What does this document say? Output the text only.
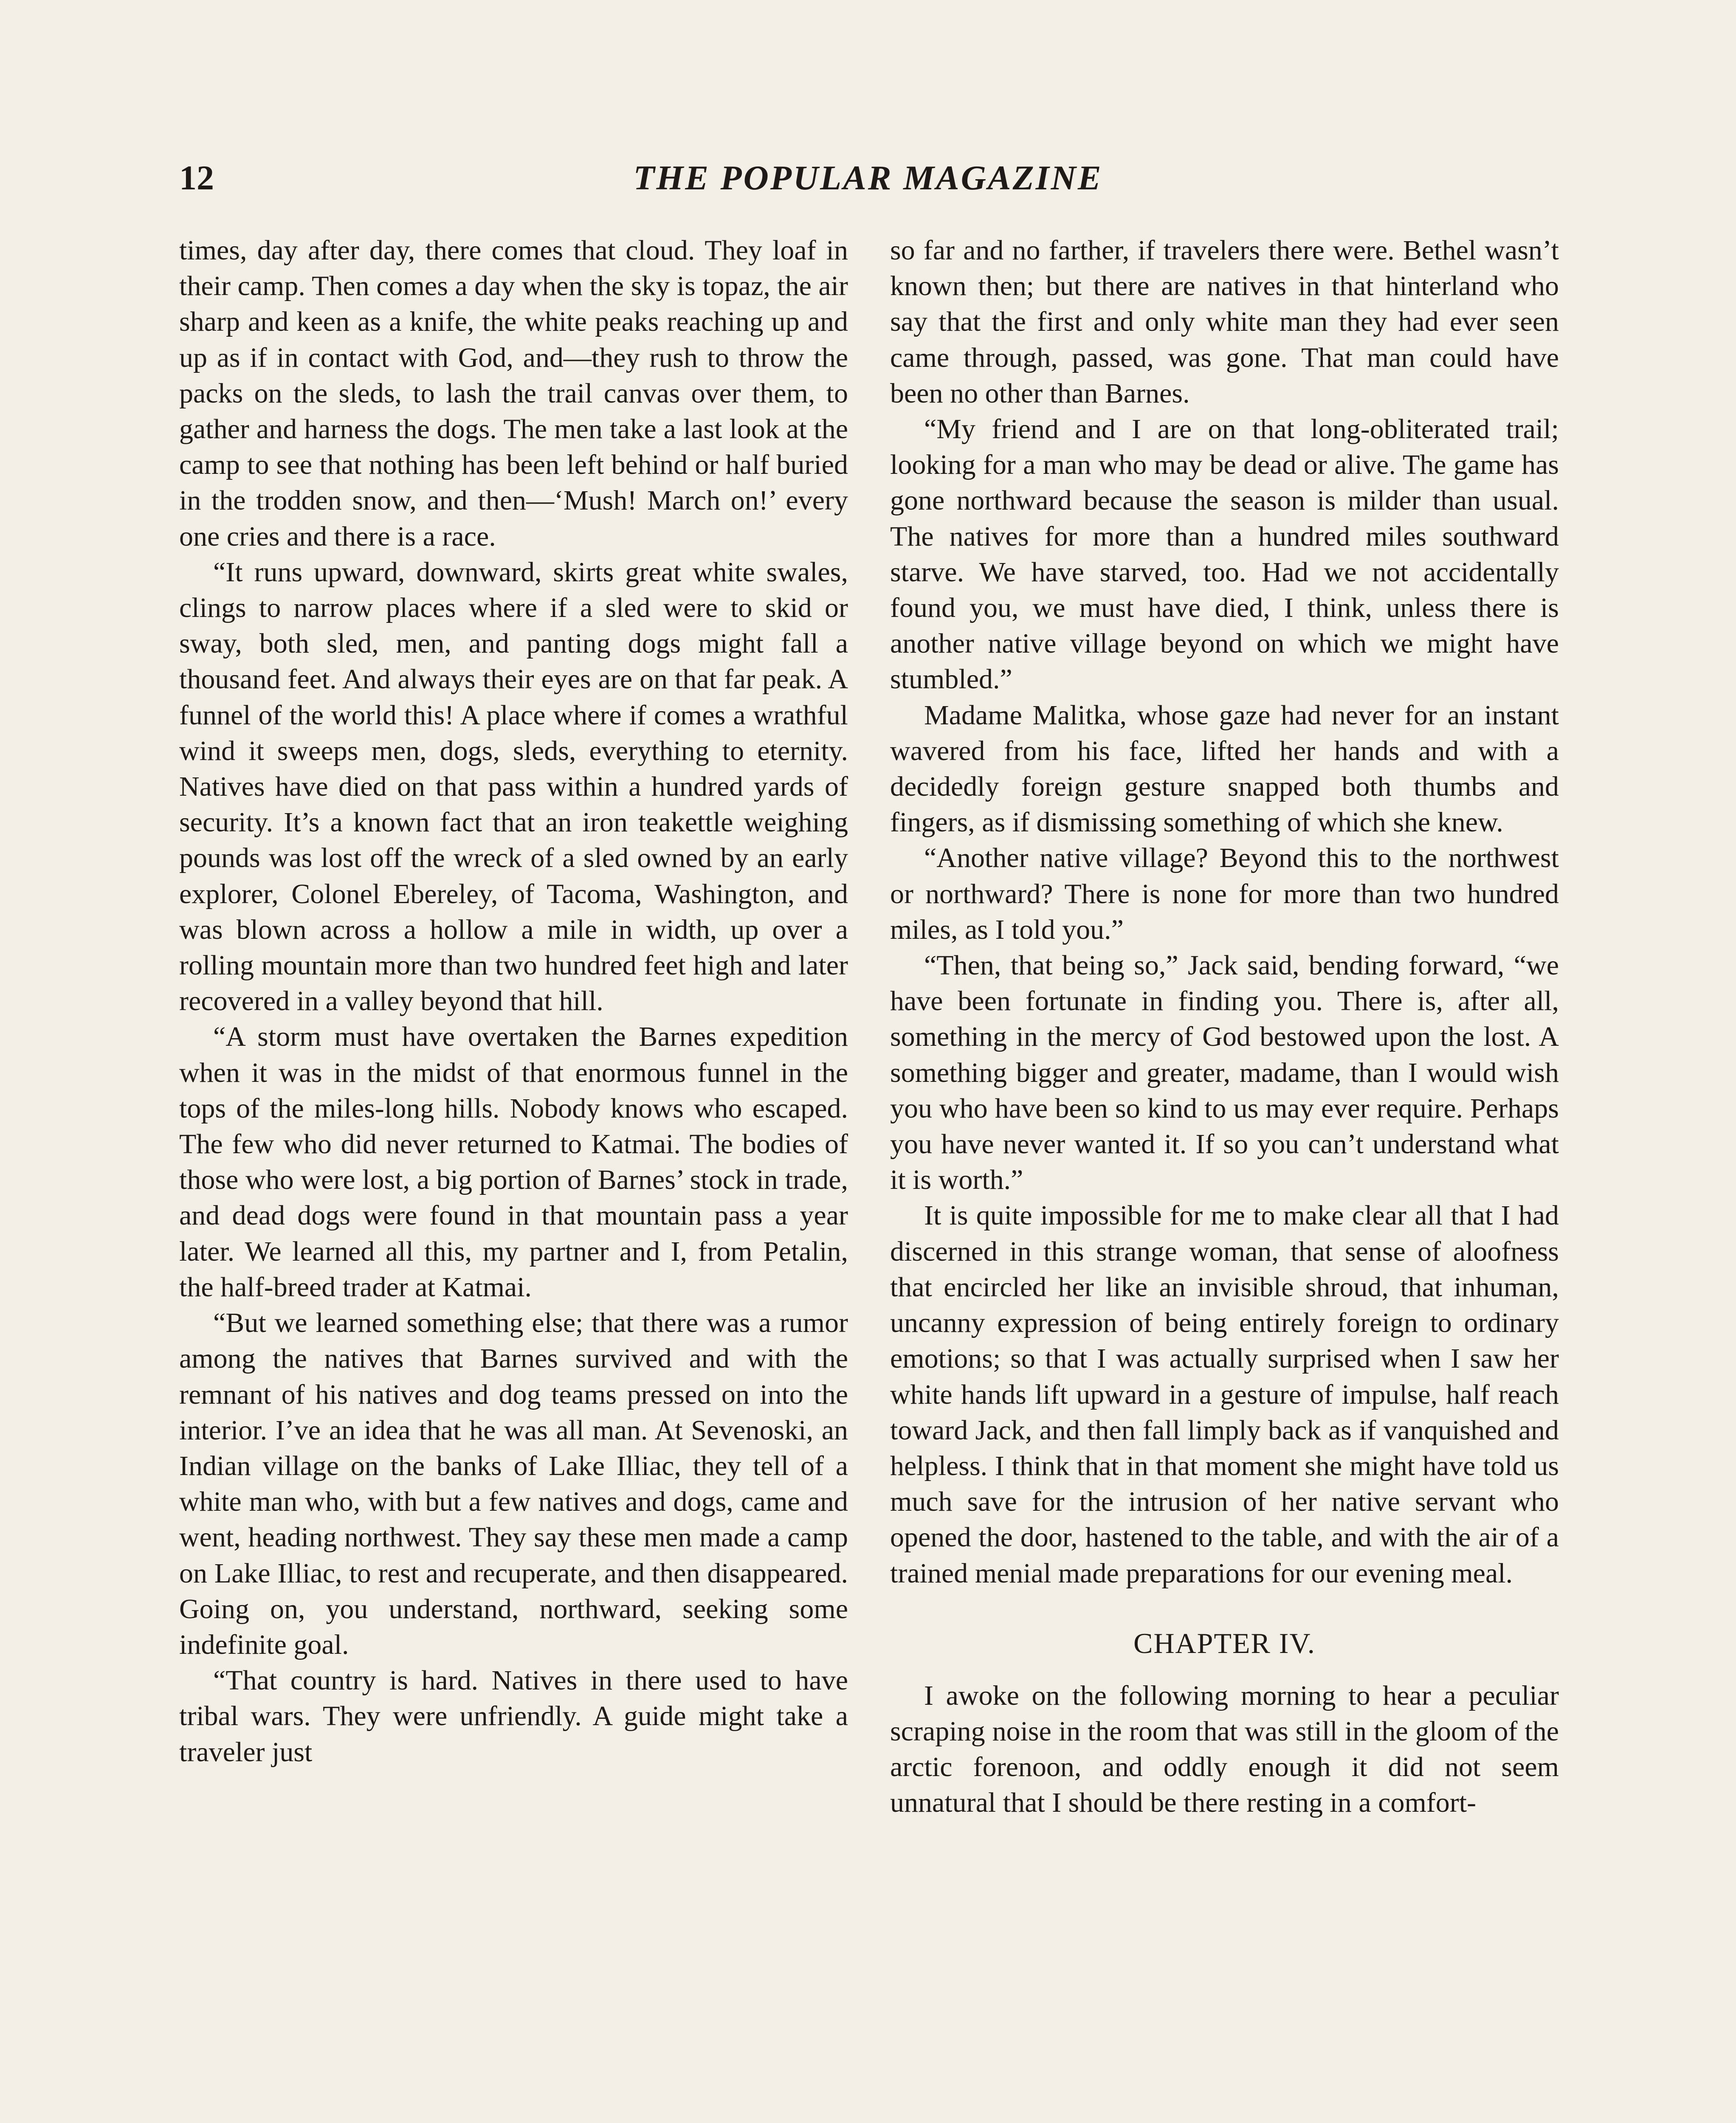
12	THE POPULAR MAGAZINE

times, day after day, there comes that cloud. They loaf in their camp. Then comes a day when the sky is topaz, the air sharp and keen as a knife, the white peaks reaching up and up as if in contact with God, and—they rush to throw the packs on the sleds, to lash the trail canvas over them, to gather and harness the dogs. The men take a last look at the camp to see that nothing has been left behind or half buried in the trodden snow, and then—‘Mush! March on!’ every one cries and there is a race.

“It runs upward, downward, skirts great white swales, clings to narrow places where if a sled were to skid or sway, both sled, men, and panting dogs might fall a thousand feet. And always their eyes are on that far peak. A funnel of the world this! A place where if comes a wrathful wind it sweeps men, dogs, sleds, everything to eternity. Natives have died on that pass within a hundred yards of security. It’s a known fact that an iron teakettle weighing pounds was lost off the wreck of a sled owned by an early explorer, Colonel Ebereley, of Tacoma, Washington, and was blown across a hollow a mile in width, up over a rolling mountain more than two hundred feet high and later recovered in a valley beyond that hill.

“A storm must have overtaken the Barnes expedition when it was in the midst of that enormous funnel in the tops of the miles-long hills. Nobody knows who escaped. The few who did never returned to Katmai. The bodies of those who were lost, a big portion of Barnes’ stock in trade, and dead dogs were found in that mountain pass a year later. We learned all this, my partner and I, from Petalin, the half-breed trader at Katmai.

“But we learned something else; that there was a rumor among the natives that Barnes survived and with the remnant of his natives and dog teams pressed on into the interior. I’ve an idea that he was all man. At Sevenoski, an Indian village on the banks of Lake Illiac, they tell of a white man who, with but a few natives and dogs, came and went, heading northwest. They say these men made a camp on Lake Illiac, to rest and recuperate, and then disappeared. Going on, you understand, northward, seeking some indefinite goal.

“That country is hard. Natives in there used to have tribal wars. They were unfriendly. A guide might take a traveler just

so far and no farther, if travelers there were. Bethel wasn’t known then; but there are natives in that hinterland who say that the first and only white man they had ever seen came through, passed, was gone. That man could have been no other than Barnes.

“My friend and I are on that long-obliterated trail; looking for a man who may be dead or alive. The game has gone northward because the season is milder than usual. The natives for more than a hundred miles southward starve. We have starved, too. Had we not accidentally found you, we must have died, I think, unless there is another native village beyond on which we might have stumbled.”

Madame Malitka, whose gaze had never for an instant wavered from his face, lifted her hands and with a decidedly foreign gesture snapped both thumbs and fingers, as if dismissing something of which she knew.

“Another native village? Beyond this to the northwest or northward? There is none for more than two hundred miles, as I told you.”

“Then, that being so,” Jack said, bending forward, “we have been fortunate in finding you. There is, after all, something in the mercy of God bestowed upon the lost. A something bigger and greater, madame, than I would wish you who have been so kind to us may ever require. Perhaps you have never wanted it. If so you can’t understand what it is worth.”

It is quite impossible for me to make clear all that I had discerned in this strange woman, that sense of aloofness that encircled her like an invisible shroud, that inhuman, uncanny expression of being entirely foreign to ordinary emotions; so that I was actually surprised when I saw her white hands lift upward in a gesture of impulse, half reach toward Jack, and then fall limply back as if vanquished and helpless. I think that in that moment she might have told us much save for the intrusion of her native servant who opened the door, hastened to the table, and with the air of a trained menial made preparations for our evening meal.

CHAPTER IV.

I awoke on the following morning to hear a peculiar scraping noise in the room that was still in the gloom of the arctic forenoon, and oddly enough it did not seem unnatural that I should be there resting in a comfort-
